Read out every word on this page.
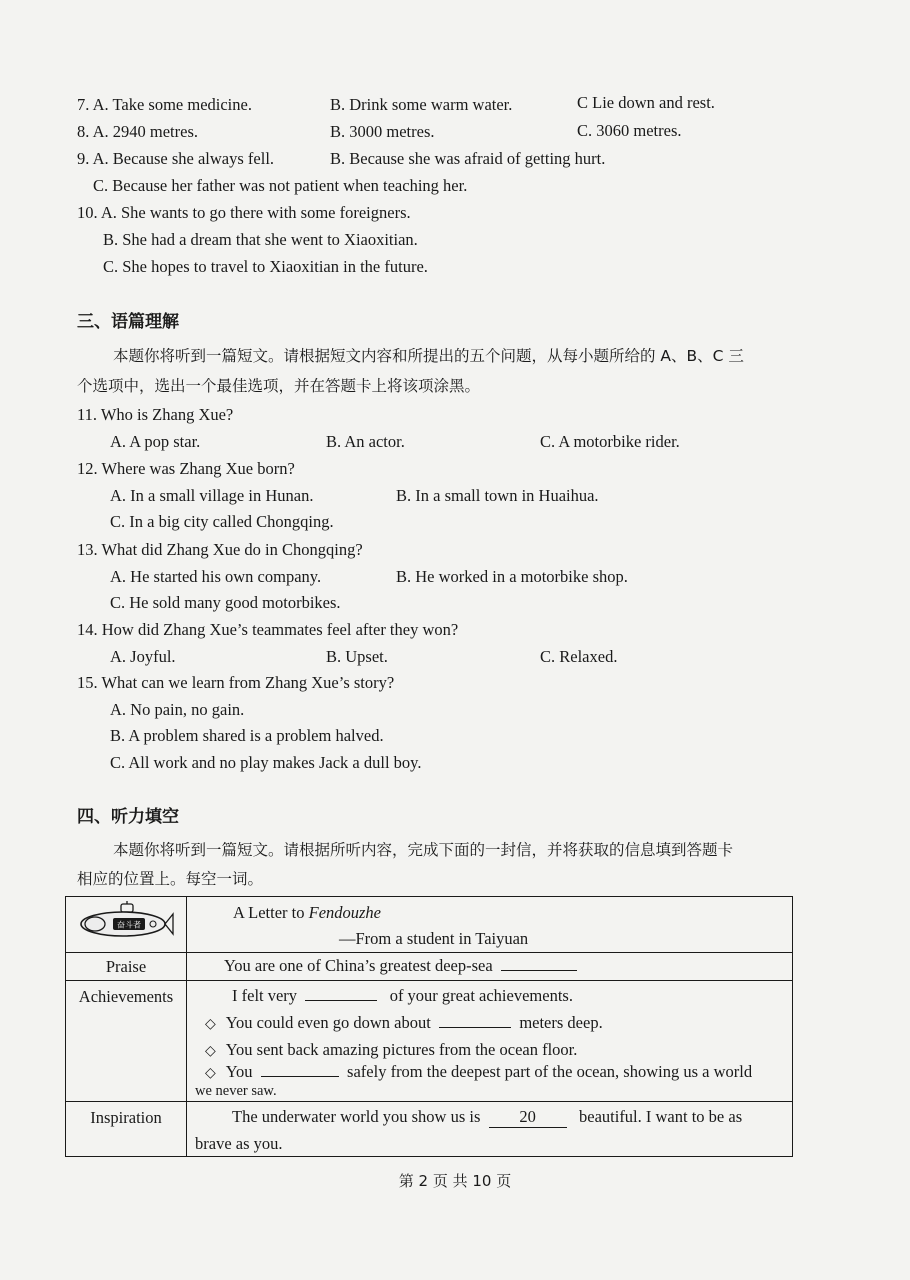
7. A. Take some medicine.	B. Drink some warm water.	C Lie down and rest.
8. A. 2940 metres.	B. 3000 metres.	C. 3060 metres.
9. A. Because she always fell.	B. Because she was afraid of getting hurt.
C. Because her father was not patient when teaching her.
10. A. She wants to go there with some foreigners.
B. She had a dream that she went to Xiaoxitian.
C. She hopes to travel to Xiaoxitian in the future.
三、语篇理解
本题你将听到一篇短文。请根据短文内容和所提出的五个问题，从每小题所给的 A、B、C 三
个选项中，选出一个最佳选项，并在答题卡上将该项涂黑。
11. Who is Zhang Xue?
A. A pop star.	B. An actor.	C. A motorbike rider.
12. Where was Zhang Xue born?
A. In a small village in Hunan.	B. In a small town in Huaihua.
C. In a big city called Chongqing.
13. What did Zhang Xue do in Chongqing?
A. He started his own company.	B. He worked in a motorbike shop.
C. He sold many good motorbikes.
14. How did Zhang Xue’s teammates feel after they won?
A. Joyful.	B. Upset.	C. Relaxed.
15. What can we learn from Zhang Xue’s story?
A. No pain, no gain.
B. A problem shared is a problem halved.
C. All work and no play makes Jack a dull boy.
四、听力填空
本题你将听到一篇短文。请根据所听内容，完成下面的一封信，并将获取的信息填到答题卡
相应的位置上。每空一词。
奋斗者	A Letter to Fendouzhe
—From a student in Taiyuan

Praise	You are one of China’s greatest deep-sea

Achievements	I felt very of your great achievements.
◇ You could even go down about meters deep.
◇ You sent back amazing pictures from the ocean floor.
◇ You safely from the deepest part of the ocean, showing us a world
we never saw.

Inspiration	The underwater world you show us is 20 beautiful. I want to be as
brave as you.
第 2 页 共 10 页
